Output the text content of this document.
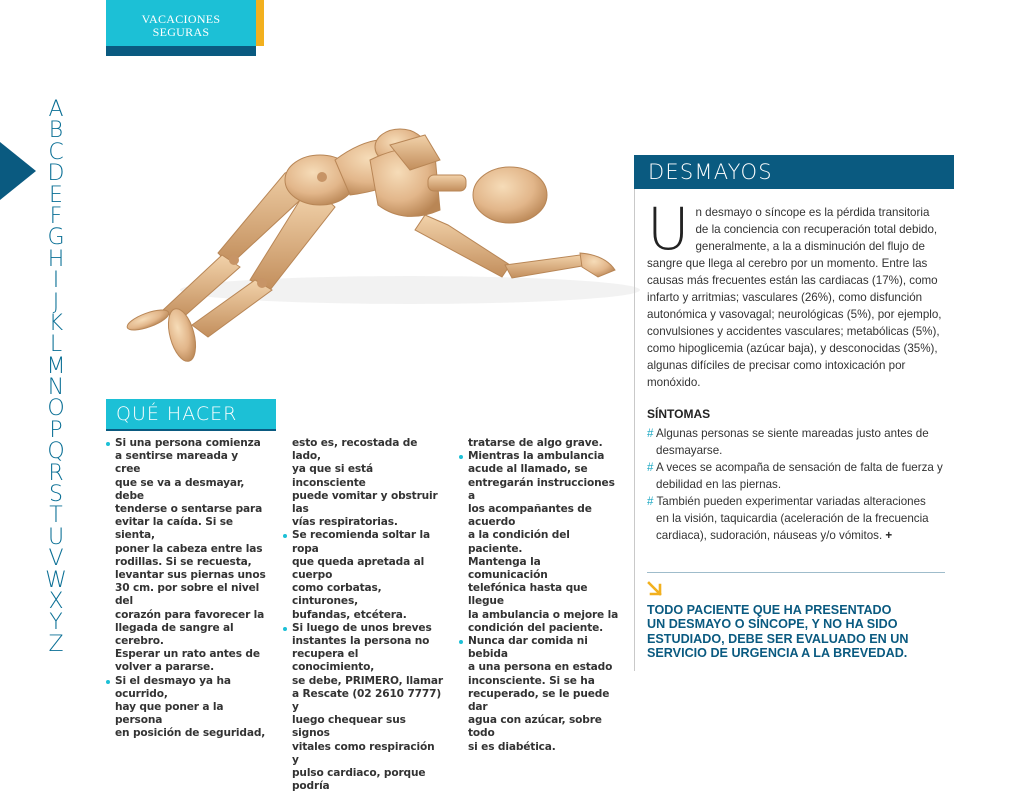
VACACIONES
SEGURAS
A
B
C
D
E
F
G
H
I
J
K
L
M
N
O
P
Q
R
S
T
U
V
W
X
Y
Z
QUÉ HACER
Si una persona comienza
a sentirse mareada y cree
que se va a desmayar, debe
tenderse o sentarse para
evitar la caída. Si se sienta,
poner la cabeza entre las
rodillas. Si se recuesta,
levantar sus piernas unos
30 cm. por sobre el nivel del
corazón para favorecer la
llegada de sangre al cerebro.
Esperar un rato antes de
volver a pararse.
Si el desmayo ya ha ocurrido,
hay que poner a la persona
en posición de seguridad,
esto es, recostada de lado,
ya que si está inconsciente
puede vomitar y obstruir las
vías respiratorias.
Se recomienda soltar la ropa
que queda apretada al cuerpo
como corbatas, cinturones,
bufandas, etcétera.
Si luego de unos breves
instantes la persona no
recupera el conocimiento,
se debe, PRIMERO, llamar
a Rescate (02 2610 7777) y
luego chequear sus signos
vitales como respiración y
pulso cardiaco, porque podría
tratarse de algo grave.
Mientras la ambulancia
acude al llamado, se
entregarán instrucciones a
los acompañantes de acuerdo
a la condición del paciente.
Mantenga la comunicación
telefónica hasta que llegue
la ambulancia o mejore la
condición del paciente.
Nunca dar comida ni bebida
a una persona en estado
inconsciente. Si se ha
recuperado, se le puede dar
agua con azúcar, sobre todo
si es diabética.
DESMAYOS
U n desmayo o síncope es la pérdida transitoria
de la conciencia con recuperación total debido,
generalmente, a la a disminución del flujo de
sangre que llega al cerebro por un momento. Entre las
causas más frecuentes están las cardiacas (17%), como
infarto y arritmias; vasculares (26%), como disfunción
autonómica y vasovagal; neurológicas (5%), por ejemplo,
convulsiones y accidentes vasculares; metabólicas (5%),
como hipoglicemia (azúcar baja), y desconocidas (35%),
algunas difíciles de precisar como intoxicación por
monóxido.
SÍNTOMAS
# Algunas personas se siente mareadas justo antes de
desmayarse.
# A veces se acompaña de sensación de falta de fuerza y
debilidad en las piernas.
# También pueden experimentar variadas alteraciones
en la visión, taquicardia (aceleración de la frecuencia
cardiaca), sudoración, náuseas y/o vómitos. +
TODO PACIENTE QUE HA PRESENTADO
UN DESMAYO O SÍNCOPE, Y NO HA SIDO
ESTUDIADO, DEBE SER EVALUADO EN UN
SERVICIO DE URGENCIA A LA BREVEDAD.
